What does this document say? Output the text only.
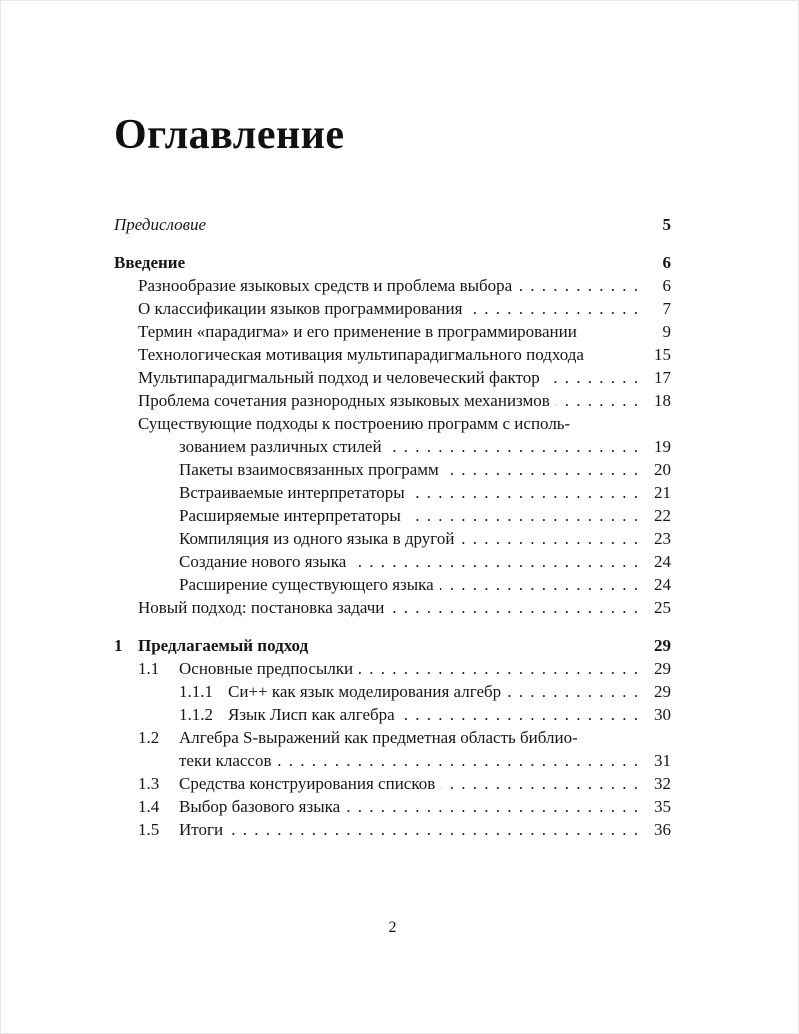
Оглавление
Предисловие	5
Введение	6
Разнообразие языковых средств и проблема выбора . . .	6
О классификации языков программирования . . .	7
Термин «парадигма» и его применение в программировании	9
Технологическая мотивация мультипарадигмального подхода	15
Мультипарадигмальный подход и человеческий фактор . . .	17
Проблема сочетания разнородных языковых механизмов . . .	18
Существующие подходы к построению программ с исполь-
зованием различных стилей . . .	19
Пакеты взаимосвязанных программ . . .	20
Встраиваемые интерпретаторы . . .	21
Расширяемые интерпретаторы . . .	22
Компиляция из одного языка в другой . . .	23
Создание нового языка . . .	24
Расширение существующего языка . . .	24
Новый подход: постановка задачи . . .	25
1 Предлагаемый подход	29
1.1	Основные предпосылки . . .	29
1.1.1 Си++ как язык моделирования алгебр . . .	29
1.1.2 Язык Лисп как алгебра . . .	30
1.2	Алгебра S-выражений как предметная область библио-
теки классов . . .	31
1.3	Средства конструирования списков . . .	32
1.4	Выбор базового языка . . .	35
1.5	Итоги . . .	36
2
